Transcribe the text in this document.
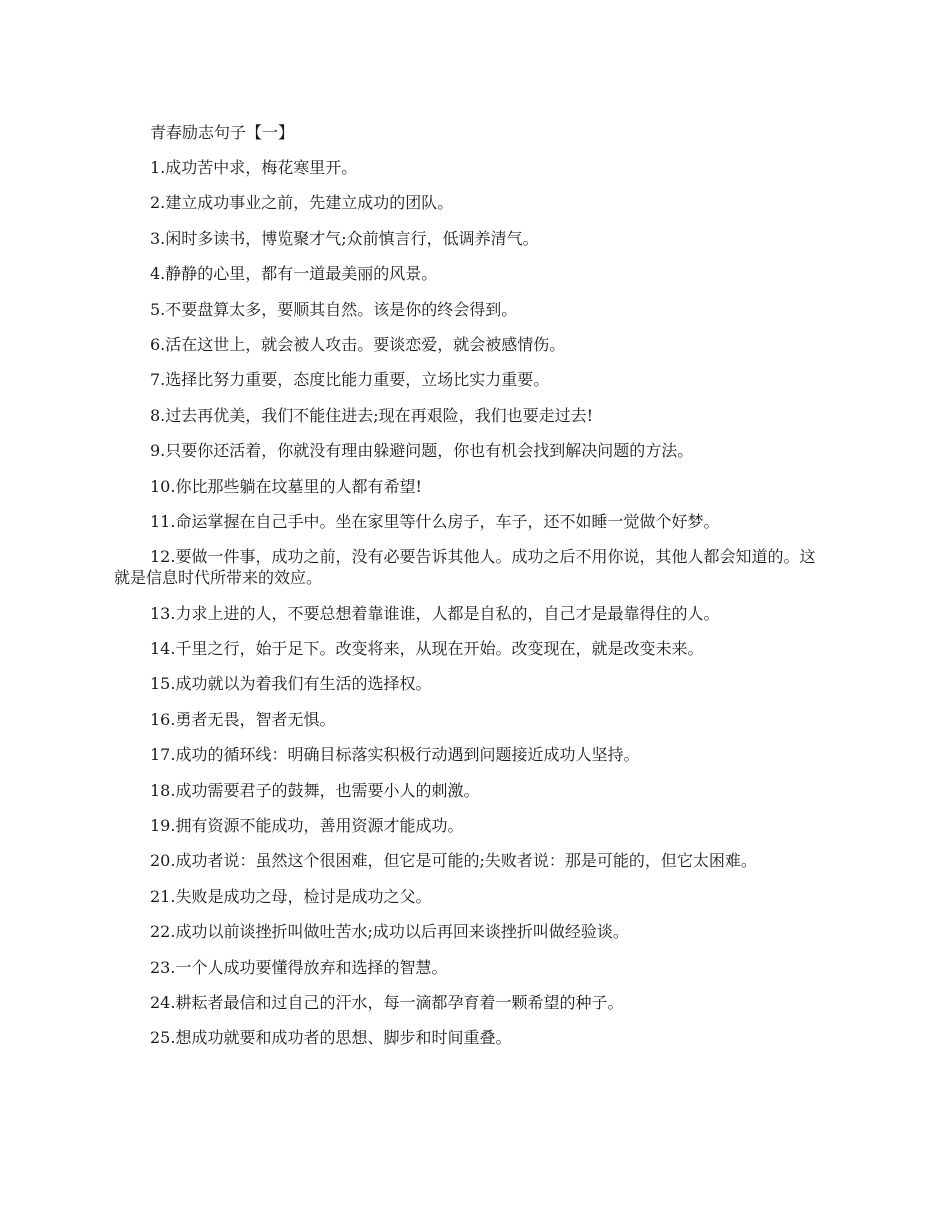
青春励志句子【一】

1.成功苦中求，梅花寒里开。

2.建立成功事业之前，先建立成功的团队。

3.闲时多读书，博览聚才气;众前慎言行，低调养清气。

4.静静的心里，都有一道最美丽的风景。

5.不要盘算太多，要顺其自然。该是你的终会得到。

6.活在这世上，就会被人攻击。要谈恋爱，就会被感情伤。

7.选择比努力重要，态度比能力重要，立场比实力重要。

8.过去再优美，我们不能住进去;现在再艰险，我们也要走过去!

9.只要你还活着，你就没有理由躲避问题，你也有机会找到解决问题的方法。

10.你比那些躺在坟墓里的人都有希望!

11.命运掌握在自己手中。坐在家里等什么房子，车子，还不如睡一觉做个好梦。

12.要做一件事，成功之前，没有必要告诉其他人。成功之后不用你说，其他人都会知道的。这就是信息时代所带来的效应。

13.力求上进的人，不要总想着靠谁谁，人都是自私的，自己才是最靠得住的人。

14.千里之行，始于足下。改变将来，从现在开始。改变现在，就是改变未来。

15.成功就以为着我们有生活的选择权。

16.勇者无畏，智者无惧。

17.成功的循环线：明确目标落实积极行动遇到问题接近成功人坚持。

18.成功需要君子的鼓舞，也需要小人的刺激。

19.拥有资源不能成功，善用资源才能成功。

20.成功者说：虽然这个很困难，但它是可能的;失败者说：那是可能的，但它太困难。

21.失败是成功之母，检讨是成功之父。

22.成功以前谈挫折叫做吐苦水;成功以后再回来谈挫折叫做经验谈。

23.一个人成功要懂得放弃和选择的智慧。

24.耕耘者最信和过自己的汗水，每一滴都孕育着一颗希望的种子。

25.想成功就要和成功者的思想、脚步和时间重叠。
